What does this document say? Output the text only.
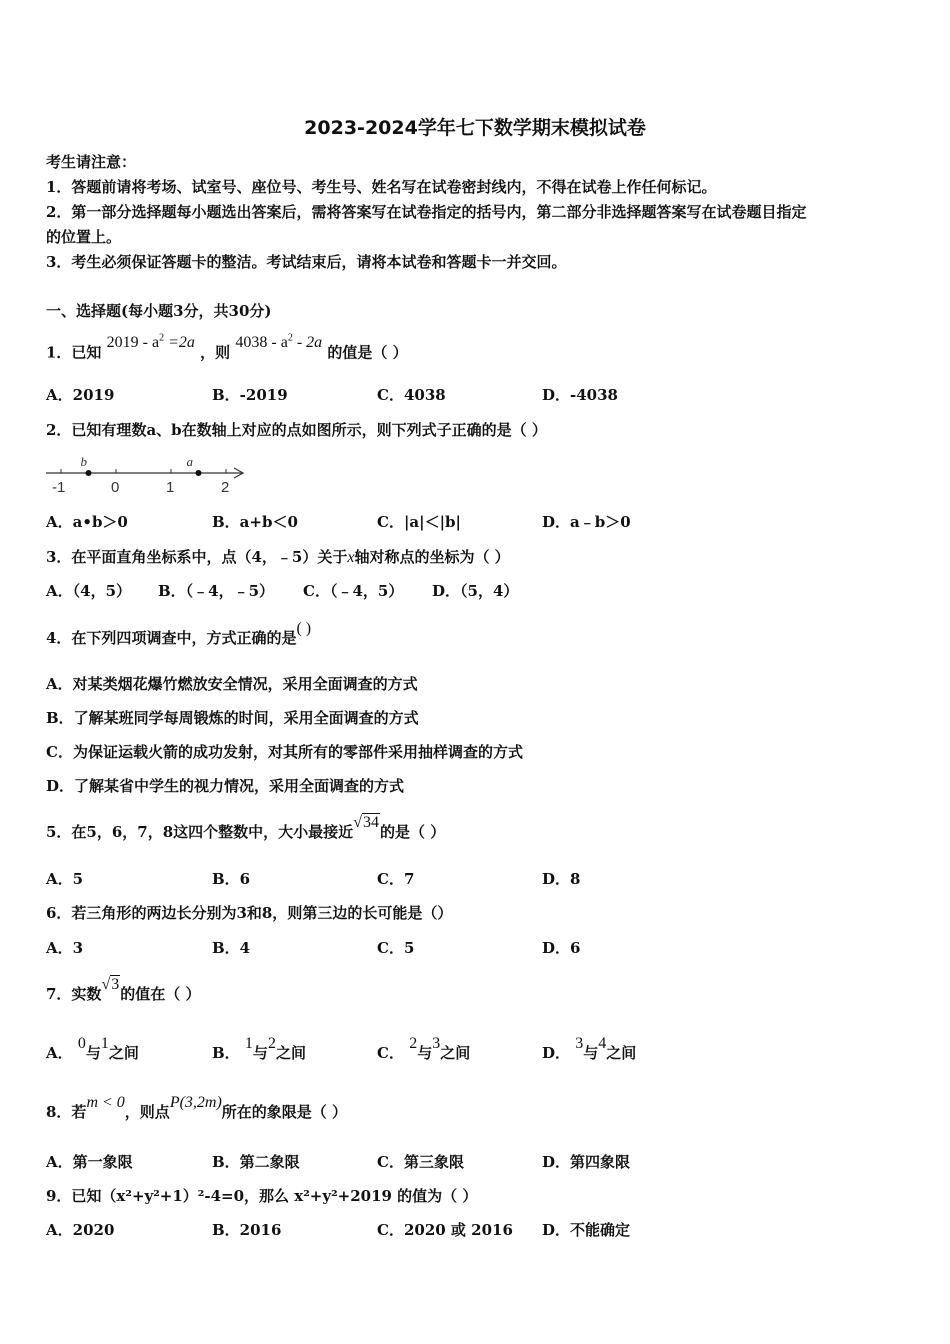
2023-2024学年七下数学期末模拟试卷
考生请注意：
1．答题前请将考场、试室号、座位号、考生号、姓名写在试卷密封线内，不得在试卷上作任何标记。
2．第一部分选择题每小题选出答案后，需将答案写在试卷指定的括号内，第二部分非选择题答案写在试卷题目指定
的位置上。
3．考生必须保证答题卡的整洁。考试结束后，请将本试卷和答题卡一并交回。
一、选择题(每小题3分，共30分)
1．已知 $2019 - a^2 =2a$ ，则 $4038 - a^2 - 2a$ 的值是（ ）
A．2019	B．-2019	C．4038	D．-4038
2．已知有理数a、b在数轴上对应的点如图所示，则下列式子正确的是（ ）
-1	0	1	2
b	a
A．a•b＞0	B．a+b＜0	C．|a|＜|b|	D．a﹣b＞0
3．在平面直角坐标系中，点（4，﹣5）关于x轴对称点的坐标为（ ）
A．（4，5） B．（﹣4，﹣5） C．（﹣4，5） D．（5，4）
4．在下列四项调查中，方式正确的是( )
A．对某类烟花爆竹燃放安全情况，采用全面调查的方式
B．了解某班同学每周锻炼的时间，采用全面调查的方式
C．为保证运载火箭的成功发射，对其所有的零部件采用抽样调查的方式
D．了解某省中学生的视力情况，采用全面调查的方式
5．在5，6，7，8这四个整数中，大小最接近√34的是（ ）
A．5	B．6	C．7	D．8
6．若三角形的两边长分别为3和8，则第三边的长可能是（）
A．3	B．4	C．5	D．6
7．实数√3的值在（ ）
A． 0与1之间	B． 1与2之间	C． 2与3之间	D． 3与4之间
8．若m < 0，则点P(3,2m)所在的象限是（ ）
A．第一象限	B．第二象限	C．第三象限	D．第四象限
9．已知（x²+y²+1）²-4=0，那么 x²+y²+2019 的值为（ ）
A．2020	B．2016	C．2020 或 2016 D．不能确定
